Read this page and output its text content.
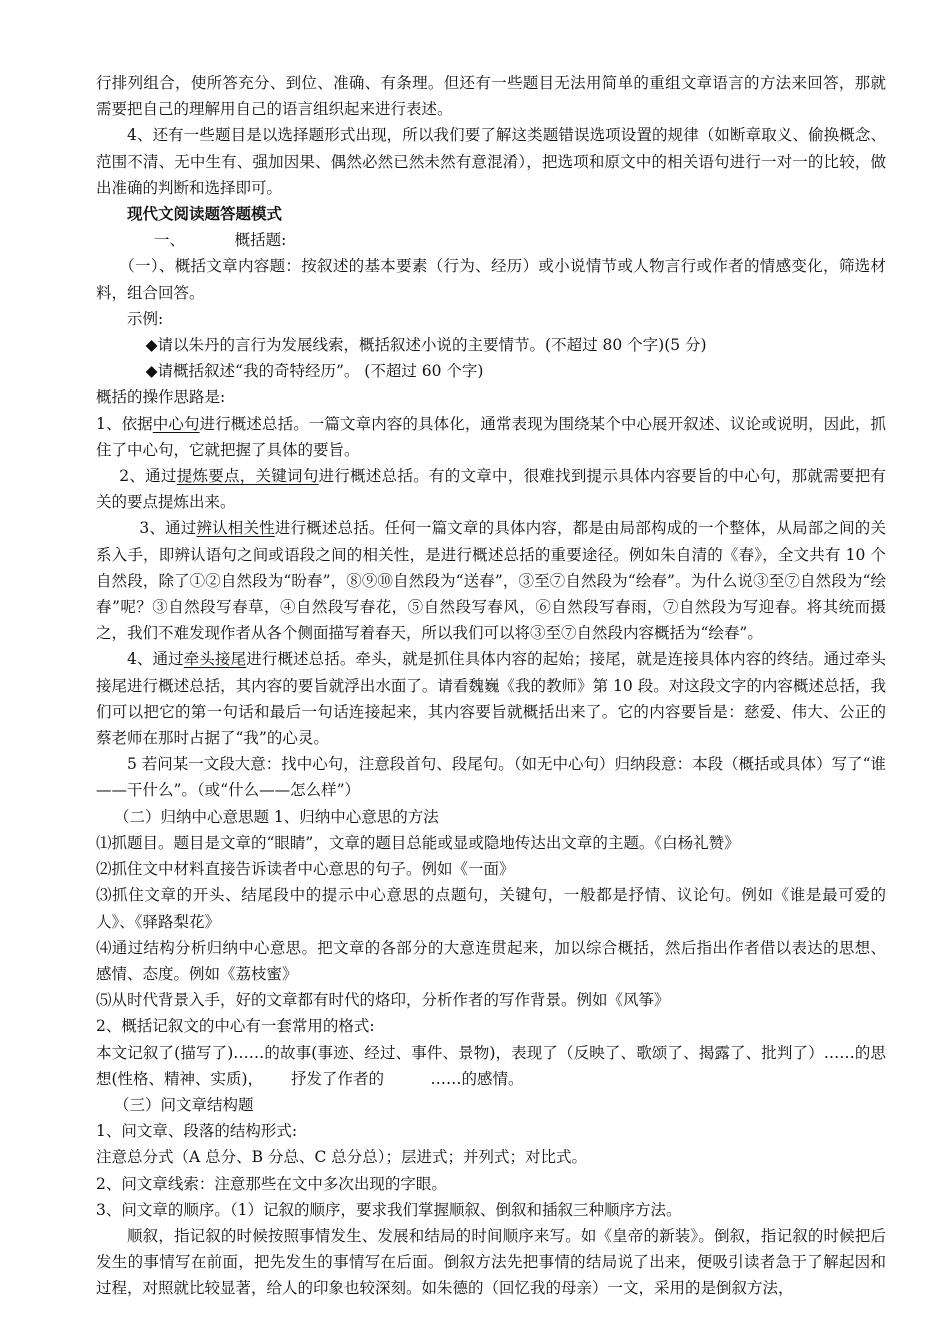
行排列组合，使所答充分、到位、准确、有条理。但还有一些题目无法用简单的重组文章语言的方法来回答，那就需要把自己的理解用自己的语言组织起来进行表述。

4、还有一些题目是以选择题形式出现，所以我们要了解这类题错误选项设置的规律（如断章取义、偷换概念、范围不清、无中生有、强加因果、偶然必然已然未然有意混淆），把选项和原文中的相关语句进行一对一的比较，做出准确的判断和选择即可。

现代文阅读题答题模式

一、	概括题:

（一）、概括文章内容题：按叙述的基本要素（行为、经历）或小说情节或人物言行或作者的情感变化，筛选材料，组合回答。

示例:

◆请以朱丹的言行为发展线索，概括叙述小说的主要情节。(不超过 80 个字)(5 分)

◆请概括叙述“我的奇特经历”。 (不超过 60 个字)

概括的操作思路是:

1、依据中心句进行概述总括。一篇文章内容的具体化，通常表现为围绕某个中心展开叙述、议论或说明，因此，抓住了中心句，它就把握了具体的要旨。

2、通过提炼要点，关键词句进行概述总括。有的文章中，很难找到提示具体内容要旨的中心句，那就需要把有关的要点提炼出来。

3、通过辨认相关性进行概述总括。任何一篇文章的具体内容，都是由局部构成的一个整体，从局部之间的关系入手，即辨认语句之间或语段之间的相关性，是进行概述总括的重要途径。例如朱自清的《春》，全文共有 10 个自然段，除了①②自然段为“盼春”，⑧⑨⑩自然段为“送春”，③至⑦自然段为“绘春”。为什么说③至⑦自然段为“绘春”呢？③自然段写春草，④自然段写春花，⑤自然段写春风，⑥自然段写春雨，⑦自然段为写迎春。将其统而摄之，我们不难发现作者从各个侧面描写着春天，所以我们可以将③至⑦自然段内容概括为“绘春”。

4、通过牵头接尾进行概述总括。牵头，就是抓住具体内容的起始；接尾，就是连接具体内容的终结。通过牵头接尾进行概述总括，其内容的要旨就浮出水面了。请看魏巍《我的教师》第 10 段。对这段文字的内容概述总括，我们可以把它的第一句话和最后一句话连接起来，其内容要旨就概括出来了。它的内容要旨是：慈爱、伟大、公正的蔡老师在那时占据了“我”的心灵。

5 若问某一文段大意：找中心句，注意段首句、段尾句。（如无中心句）归纳段意：本段（概括或具体）写了“谁——干什么”。（或“什么——怎么样”）

（二）归纳中心意思题 1、归纳中心意思的方法

⑴抓题目。题目是文章的“眼睛”，文章的题目总能或显或隐地传达出文章的主题。《白杨礼赞》

⑵抓住文中材料直接告诉读者中心意思的句子。例如《一面》

⑶抓住文章的开头、结尾段中的提示中心意思的点题句，关键句，一般都是抒情、议论句。例如《谁是最可爱的人》、《驿路梨花》

⑷通过结构分析归纳中心意思。把文章的各部分的大意连贯起来，加以综合概括，然后指出作者借以表达的思想、感情、态度。例如《荔枝蜜》

⑸从时代背景入手，好的文章都有时代的烙印，分析作者的写作背景。例如《风筝》

2、概括记叙文的中心有一套常用的格式:

本文记叙了(描写了)……的故事(事迹、经过、事件、景物)，表现了（反映了、歌颂了、揭露了、批判了）……的思想(性格、精神、实质)， 抒发了作者的	……的感情。

（三）问文章结构题

1、问文章、段落的结构形式:

注意总分式（A 总分、B 分总、C 总分总）；层进式；并列式；对比式。

2、问文章线索：注意那些在文中多次出现的字眼。

3、问文章的顺序。（1）记叙的顺序，要求我们掌握顺叙、倒叙和插叙三种顺序方法。

顺叙，指记叙的时候按照事情发生、发展和结局的时间顺序来写。如《皇帝的新装》。倒叙，指记叙的时候把后发生的事情写在前面，把先发生的事情写在后面。倒叙方法先把事情的结局说了出来，便吸引读者急于了解起因和过程，对照就比较显著，给人的印象也较深刻。如朱德的（回忆我的母亲）一文，采用的是倒叙方法，
